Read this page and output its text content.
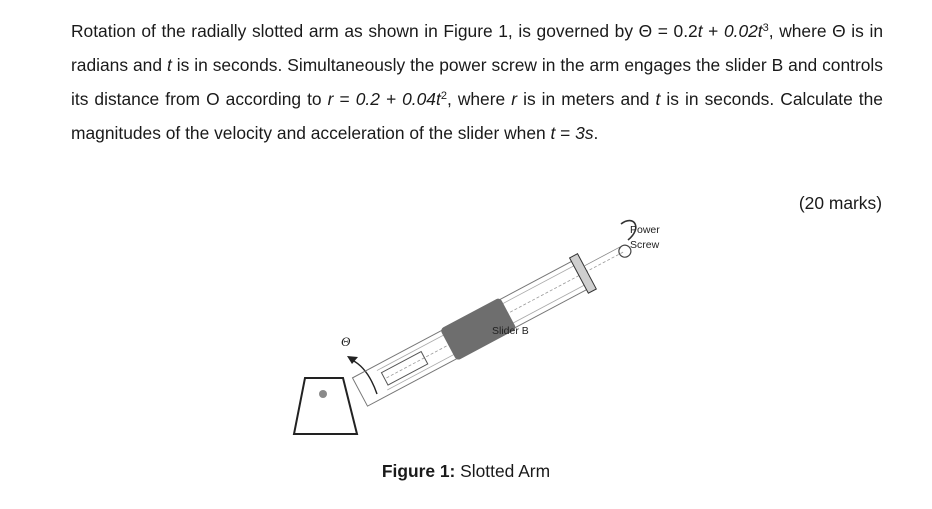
Rotation of the radially slotted arm as shown in Figure 1, is governed by $\Theta = 0.2t + 0.02t^3$, where Θ is in radians and t is in seconds. Simultaneously the power screw in the arm engages the slider B and controls its distance from O according to $r = 0.2 + 0.04t^2$, where r is in meters and t is in seconds. Calculate the magnitudes of the velocity and acceleration of the slider when t = 3s.

(20 marks)
Power
Screw
Slider B
Θ
Figure 1: Slotted Arm
